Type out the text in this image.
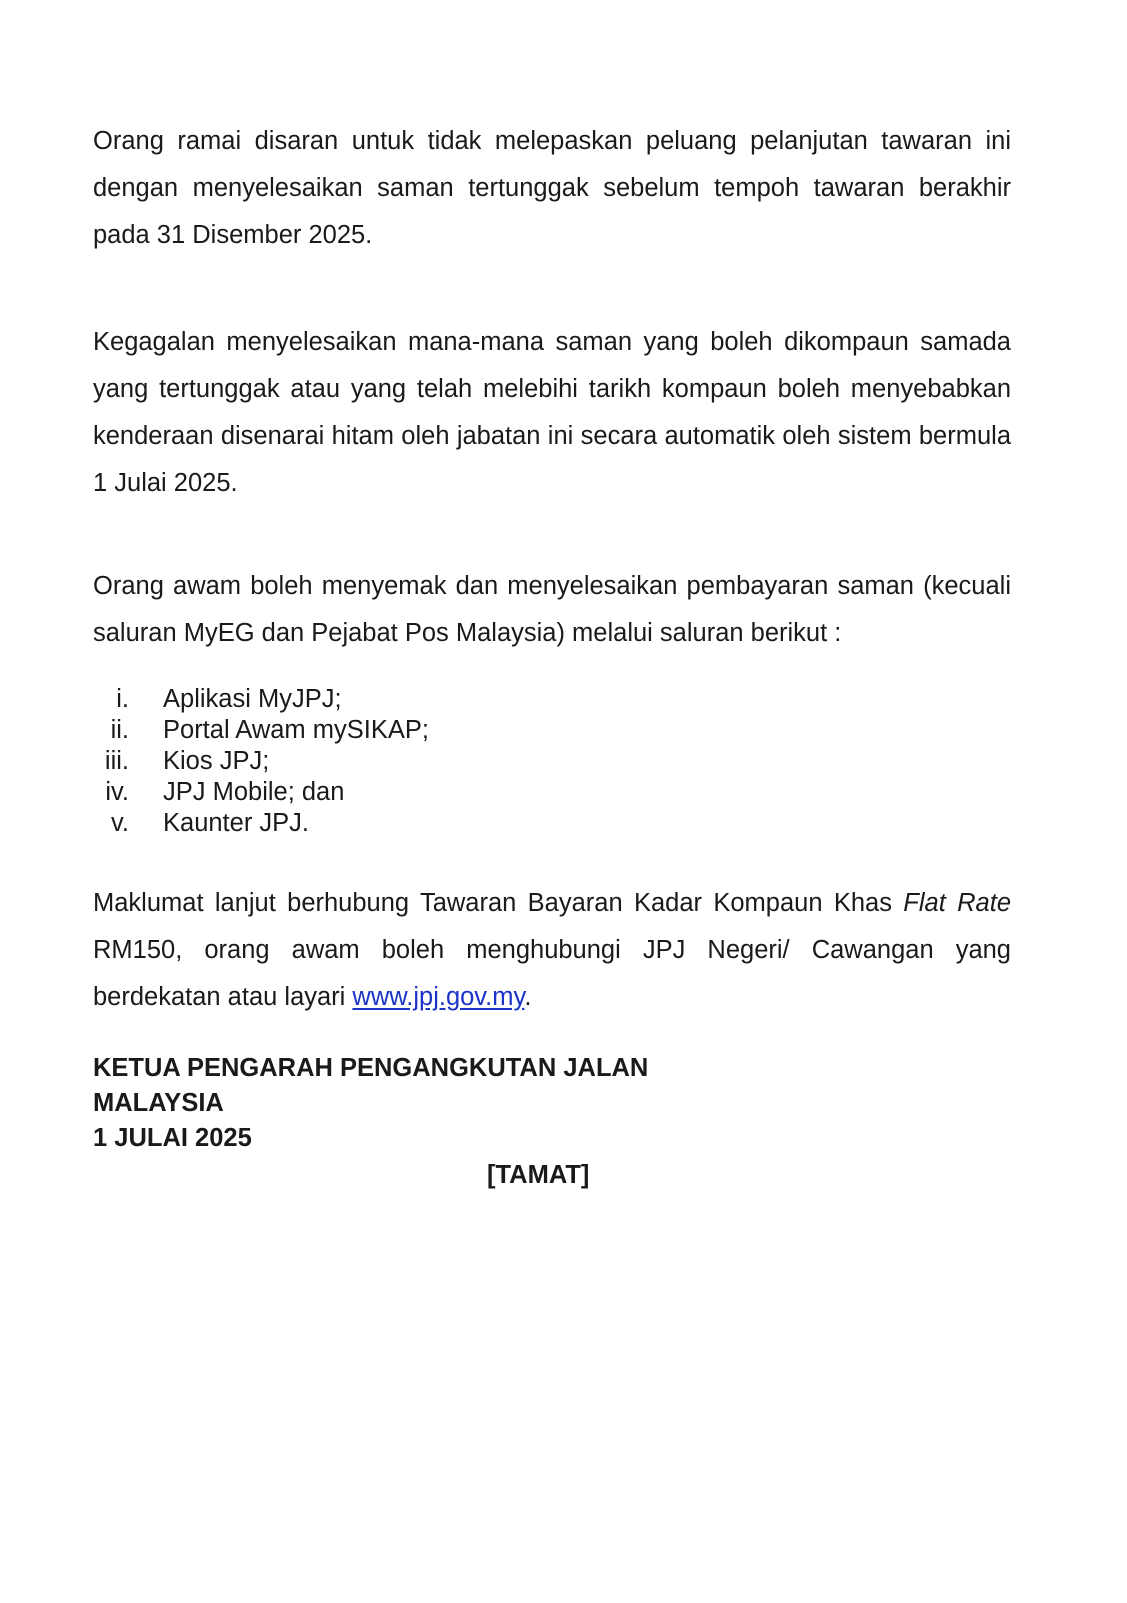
Orang ramai disaran untuk tidak melepaskan peluang pelanjutan tawaran ini dengan menyelesaikan saman tertunggak sebelum tempoh tawaran berakhir pada 31 Disember 2025.

Kegagalan menyelesaikan mana-mana saman yang boleh dikompaun samada yang tertunggak atau yang telah melebihi tarikh kompaun boleh menyebabkan kenderaan disenarai hitam oleh jabatan ini secara automatik oleh sistem bermula 1 Julai 2025.

Orang awam boleh menyemak dan menyelesaikan pembayaran saman (kecuali saluran MyEG dan Pejabat Pos Malaysia) melalui saluran berikut :

i. Aplikasi MyJPJ;
ii. Portal Awam mySIKAP;
iii. Kios JPJ;
iv. JPJ Mobile; dan
v. Kaunter JPJ.

Maklumat lanjut berhubung Tawaran Bayaran Kadar Kompaun Khas Flat Rate RM150, orang awam boleh menghubungi JPJ Negeri/ Cawangan yang berdekatan atau layari www.jpj.gov.my.

KETUA PENGARAH PENGANGKUTAN JALAN
MALAYSIA
1 JULAI 2025
[TAMAT]
